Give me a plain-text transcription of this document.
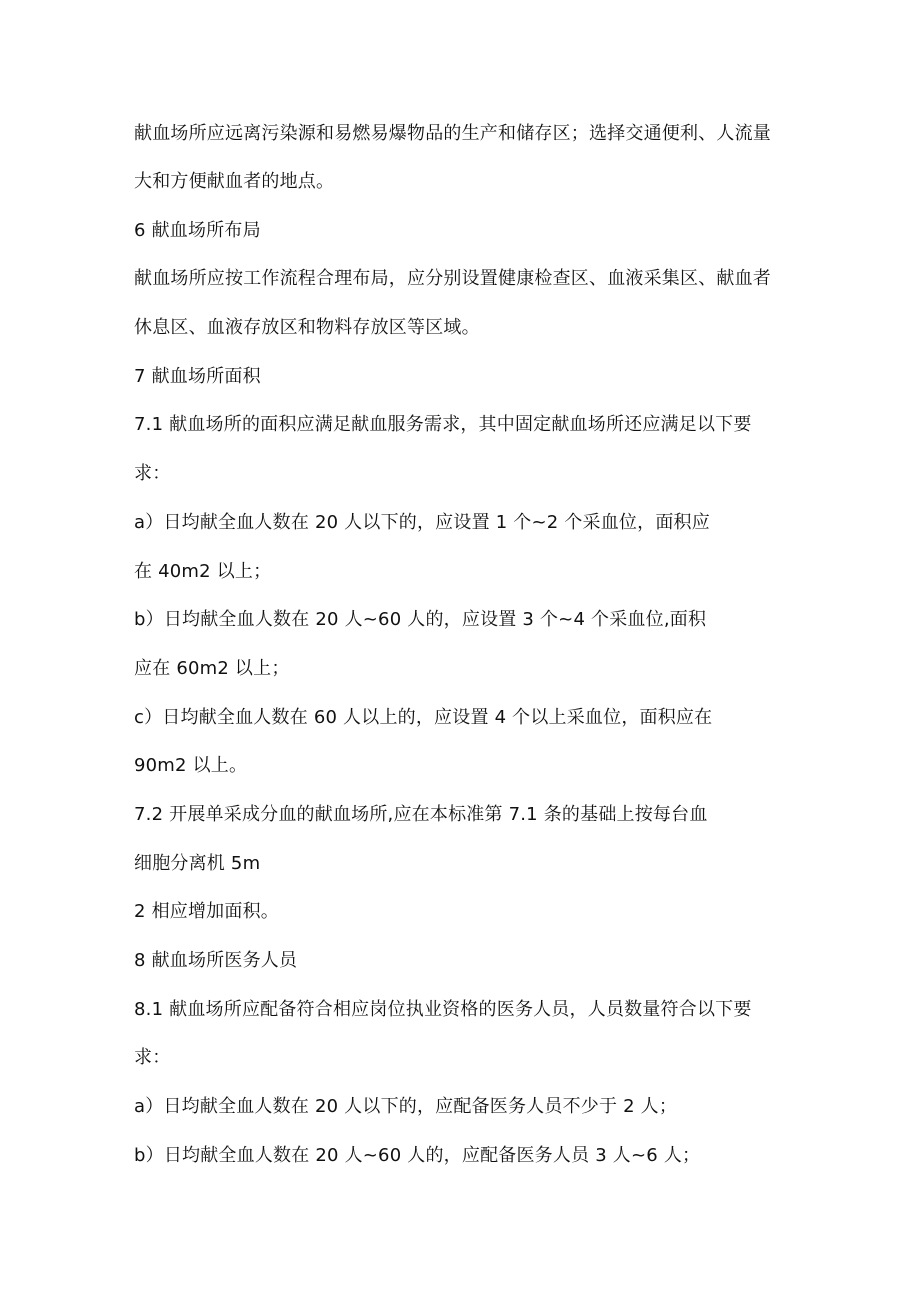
献血场所应远离污染源和易燃易爆物品的生产和储存区；选择交通便利、人流量

大和方便献血者的地点。

6 献血场所布局

献血场所应按工作流程合理布局，应分别设置健康检查区、血液采集区、献血者

休息区、血液存放区和物料存放区等区域。

7 献血场所面积

7.1 献血场所的面积应满足献血服务需求，其中固定献血场所还应满足以下要

求：

a）日均献全血人数在 20 人以下的，应设置 1 个~2 个采血位，面积应

在 40m2 以上；

b）日均献全血人数在 20 人~60 人的，应设置 3 个~4 个采血位,面积

应在 60m2 以上；

c）日均献全血人数在 60 人以上的，应设置 4 个以上采血位，面积应在

90m2 以上。

7.2 开展单采成分血的献血场所,应在本标准第 7.1 条的基础上按每台血

细胞分离机 5m

2 相应增加面积。

8 献血场所医务人员

8.1 献血场所应配备符合相应岗位执业资格的医务人员，人员数量符合以下要

求：

a）日均献全血人数在 20 人以下的，应配备医务人员不少于 2 人；

b）日均献全血人数在 20 人~60 人的，应配备医务人员 3 人~6 人；
